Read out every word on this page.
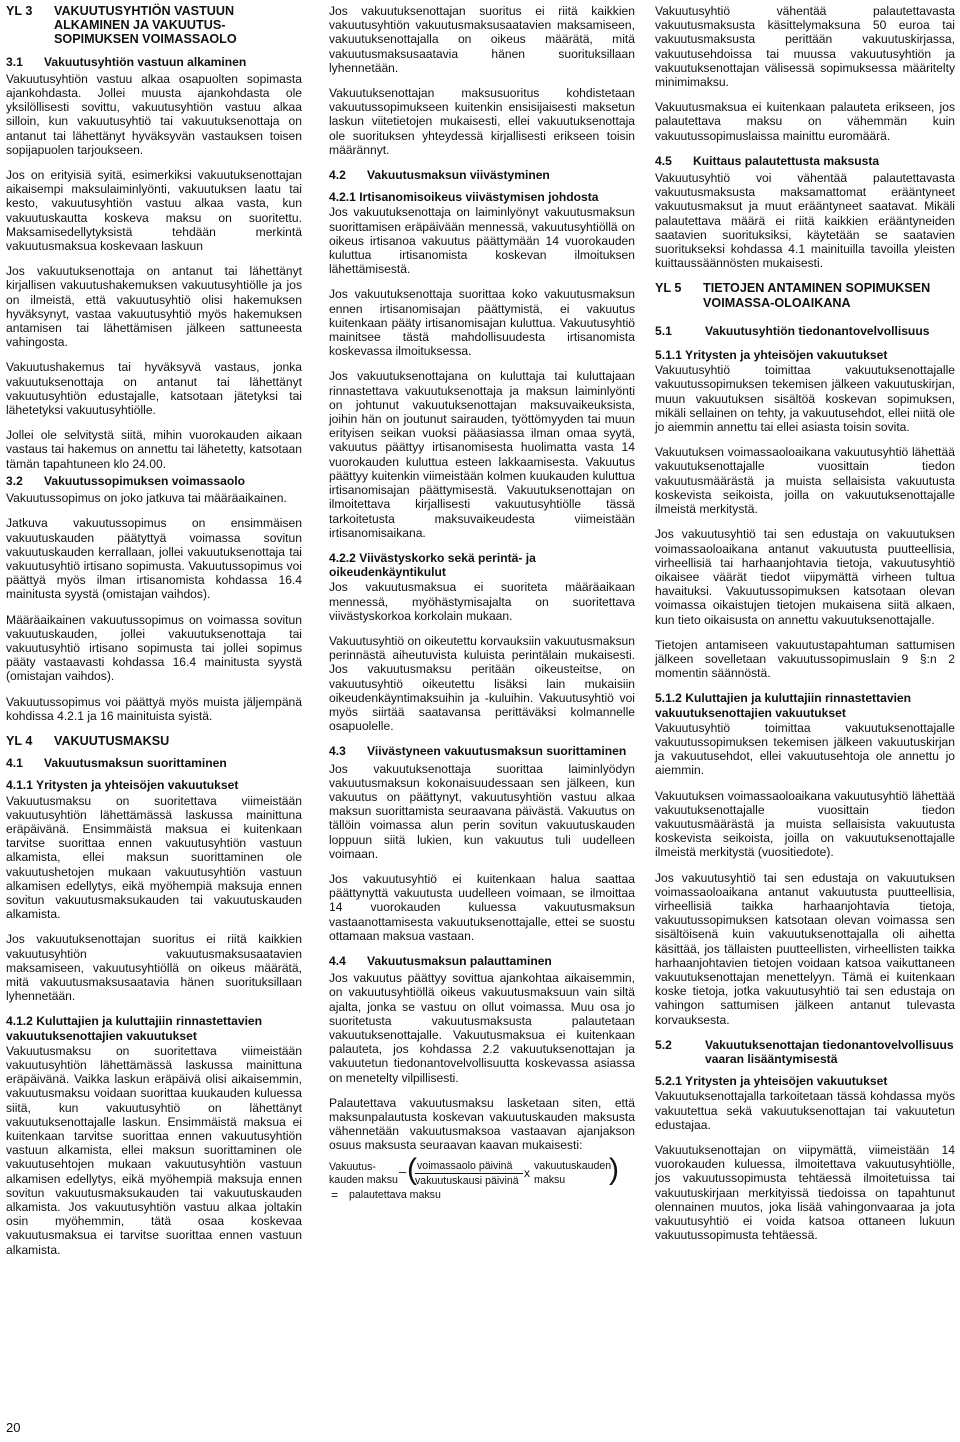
YL 3	VAKUUTUSYHTIÖN VASTUUN ALKAMINEN JA VAKUUTUS-SOPIMUKSEN VOIMASSAOLO
3.1	Vakuutusyhtiön vastuun alkaminen

Vakuutusyhtiön vastuu alkaa osapuolten sopimasta ajankohdasta. Jollei muusta ajankohdasta ole yksilöllisesti sovittu, vakuutusyhtiön vastuu alkaa silloin, kun vakuutusyhtiö tai vakuutuksenottaja on antanut tai lähettänyt hyväksyvän vastauksen toisen sopijapuolen tarjoukseen.

Jos on erityisiä syitä, esimerkiksi vakuutuksenottajan aikaisempi maksulaiminlyönti, vakuutuksen laatu tai kesto, vakuutusyhtiön vastuu alkaa vasta, kun vakuutuskautta koskeva maksu on suoritettu. Maksamisedellytyksistä tehdään merkintä vakuutusmaksua koskevaan laskuun

Jos vakuutuksenottaja on antanut tai lähettänyt kirjallisen vakuutushakemuksen vakuutusyhtiölle ja jos on ilmeistä, että vakuutusyhtiö olisi hakemuksen hyväksynyt, vastaa vakuutusyhtiö myös hakemuksen antamisen tai lähettämisen jälkeen sattuneesta vahingosta.

Vakuutushakemus tai hyväksyvä vastaus, jonka vakuutuksenottaja on antanut tai lähettänyt vakuutusyhtiön edustajalle, katsotaan jätetyksi tai lähetetyksi vakuutusyhtiölle.

Jollei ole selvitystä siitä, mihin vuorokauden aikaan vastaus tai hakemus on annettu tai lähetetty, katsotaan tämän tapahtuneen klo 24.00.

3.2	Vakuutussopimuksen voimassaolo

Vakuutussopimus on joko jatkuva tai määräaikainen.

Jatkuva vakuutussopimus on ensimmäisen vakuutuskauden päätyttyä voimassa sovitun vakuutuskauden kerrallaan, jollei vakuutuksenottaja tai vakuutusyhtiö irtisano sopimusta. Vakuutussopimus voi päättyä myös ilman irtisanomista kohdassa 16.4 mainitusta syystä (omistajan vaihdos).

Määräaikainen vakuutussopimus on voimassa sovitun vakuutuskauden, jollei vakuutuksenottaja tai vakuutusyhtiö irtisano sopimusta tai jollei sopimus pääty vastaavasti kohdassa 16.4 mainitusta syystä (omistajan vaihdos).

Vakuutussopimus voi päättyä myös muista jäljempänä kohdissa 4.2.1 ja 16 mainituista syistä.

YL 4	VAKUUTUSMAKSU
4.1	Vakuutusmaksun suorittaminen
4.1.1 Yritysten ja yhteisöjen vakuutukset

Vakuutusmaksu on suoritettava viimeistään vakuutusyhtiön lähettämässä laskussa mainittuna eräpäivänä. Ensimmäistä maksua ei kuitenkaan tarvitse suorittaa ennen vakuutusyhtiön vastuun alkamista, ellei maksun suorittaminen ole vakuutushetojen mukaan vakuutusyhtiön vastuun alkamisen edellytys, eikä myöhempiä maksuja ennen sovitun vakuutusmaksukauden tai vakuutuskauden alkamista.

Jos vakuutuksenottajan suoritus ei riitä kaikkien vakuutusyhtiön vakuutusmaksusaatavien maksamiseen, vakuutusyhtiöllä on oikeus määrätä, mitä vakuutusmaksusaatavia hänen suorituksillaan lyhennetään.

4.1.2 Kuluttajien ja kuluttajiin rinnastettavien vakuutuksenottajien vakuutukset

Vakuutusmaksu on suoritettava viimeistään vakuutusyhtiön lähettämässä laskussa mainittuna eräpäivänä. Vaikka laskun eräpäivä olisi aikaisemmin, vakuutusmaksu voidaan suorittaa kuukauden kuluessa siitä, kun vakuutusyhtiö on lähettänyt vakuutuksenottajalle laskun. Ensimmäistä maksua ei kuitenkaan tarvitse suorittaa ennen vakuutusyhtiön vastuun alkamista, ellei maksun suorittaminen ole vakuutusehtojen mukaan vakuutusyhtiön vastuun alkamisen edellytys, eikä myöhempiä maksuja ennen sovitun vakuutusmaksukauden tai vakuutuskauden alkamista. Jos vakuutusyhtiön vastuu alkaa joltakin osin myöhemmin, tätä osaa koskevaa vakuutusmaksua ei tarvitse suorittaa ennen vastuun alkamista.

Jos vakuutuksenottajan suoritus ei riitä kaikkien vakuutusyhtiön vakuutusmaksusaatavien maksamiseen, vakuutuksenottajalla on oikeus määrätä, mitä vakuutusmaksusaatavia hänen suorituksillaan lyhennetään.

Vakuutuksenottajan maksusuoritus kohdistetaan vakuutussopimukseen kuitenkin ensisijaisesti maksetun laskun viitetietojen mukaisesti, ellei vakuutuksenottaja ole suorituksen yhteydessä kirjallisesti erikseen toisin määrännyt.

4.2	Vakuutusmaksun viivästyminen
4.2.1 Irtisanomisoikeus viivästymisen johdosta

Jos vakuutuksenottaja on laiminlyönyt vakuutusmaksun suorittamisen eräpäivään mennessä, vakuutusyhtiöllä on oikeus irtisanoa vakuutus päättymään 14 vuorokauden kuluttua irtisanomista koskevan ilmoituksen lähettämisestä.

Jos vakuutuksenottaja suorittaa koko vakuutusmaksun ennen irtisanomisajan päättymistä, ei vakuutus kuitenkaan pääty irtisanomisajan kuluttua. Vakuutusyhtiö mainitsee tästä mahdollisuudesta irtisanomista koskevassa ilmoituksessa.

Jos vakuutuksenottajana on kuluttaja tai kuluttajaan rinnastettava vakuutuksenottaja ja maksun laiminlyönti on johtunut vakuutuksenottajan maksuvaikeuksista, joihin hän on joutunut sairauden, työttömyyden tai muun erityisen seikan vuoksi pääasiassa ilman omaa syytä, vakuutus päättyy irtisanomisesta huolimatta vasta 14 vuorokauden kuluttua esteen lakkaamisesta. Vakuutus päättyy kuitenkin viimeistään kolmen kuukauden kuluttua irtisanomisajan päättymisestä. Vakuutuksenottajan on ilmoitettava kirjallisesti vakuutusyhtiölle tässä tarkoitetusta maksuvaikeudesta viimeistään irtisanomisaikana.

4.2.2 Viivästyskorko sekä perintä- ja oikeudenkäyntikulut

Jos vakuutusmaksua ei suoriteta määräaikaan mennessä, myöhästymisajalta on suoritettava viivästyskorkoa korkolain mukaan.

Vakuutusyhtiö on oikeutettu korvauksiin vakuutusmaksun perinnästä aiheutuvista kuluista perintälain mukaisesti. Jos vakuutusmaksu peritään oikeusteitse, on vakuutusyhtiö oikeutettu lisäksi lain mukaisiin oikeudenkäyntimaksuihin ja -kuluihin. Vakuutusyhtiö voi myös siirtää saatavansa perittäväksi kolmannelle osapuolelle.

4.3	Viivästyneen vakuutusmaksun suorittaminen

Jos vakuutuksenottaja suorittaa laiminlyödyn vakuutusmaksun kokonaisuudessaan sen jälkeen, kun vakuutus on päättynyt, vakuutusyhtiön vastuu alkaa maksun suorittamista seuraavana päivästä. Vakuutus on tällöin voimassa alun perin sovitun vakuutuskauden loppuun siitä lukien, kun vakuutus tuli uudelleen voimaan.

Jos vakuutusyhtiö ei kuitenkaan halua saattaa päättynyttä vakuutusta uudelleen voimaan, se ilmoittaa 14 vuorokauden kuluessa vakuutusmaksun vastaanottamisesta vakuutuksenottajalle, ettei se suostu ottamaan maksua vastaan.

4.4	Vakuutusmaksun palauttaminen

Jos vakuutus päättyy sovittua ajankohtaa aikaisemmin, on vakuutusyhtiöllä oikeus vakuutusmaksuun vain siltä ajalta, jonka se vastuu on ollut voimassa. Muu osa jo suoritetusta vakuutusmaksusta palautetaan vakuutuksenottajalle. Vakuutusmaksua ei kuitenkaan palauteta, jos kohdassa 2.2 vakuutuksenottajan ja vakuutetun tiedonantovelvollisuutta koskevassa asiassa on menetelty vilpillisesti.

Palautettava vakuutusmaksu lasketaan siten, että maksunpalautusta koskevan vakuutuskauden maksusta vähennetään vakuutusmaksoa vastaavan ajanjakson osuus maksusta seuraavan kaavan mukaisesti:

Vakuutus-
kauden maksu
– ( voimassaolo päivinä
vakuutuskausi päivinä
x vakuutuskauden
maksu )
= palautettava maksu

Vakuutusyhtiö vähentää palautettavasta vakuutusmaksusta käsittelymaksuna 50 euroa tai vakuutusmaksusta perittään vakuutuskirjassa, vakuutusehdoissa tai muussa vakuutusyhtiön ja vakuutuksenottajan välisessä sopimuksessa määritelty minimimaksu.

Vakuutusmaksua ei kuitenkaan palauteta erikseen, jos palautettava maksu on vähemmän kuin vakuutussopimuslaissa mainittu euromäärä.

4.5	Kuittaus palautettusta maksusta

Vakuutusyhtiö voi vähentää palautettavasta vakuutusmaksusta maksamattomat erääntyneet vakuutusmaksut ja muut erääntyneet saatavat. Mikäli palautettava määrä ei riitä kaikkien erääntyneiden saatavien suorituksiksi, käytetään se saatavien suoritukseksi kohdassa 4.1 mainituilla tavoilla yleisten kuittaussäännösten mukaisesti.

YL 5	TIETOJEN ANTAMINEN SOPIMUKSEN VOIMASSA-OLOAIKANA
5.1	Vakuutusyhtiön tiedonantovelvollisuus
5.1.1 Yritysten ja yhteisöjen vakuutukset

Vakuutusyhtiö toimittaa vakuutuksenottajalle vakuutussopimuksen tekemisen jälkeen vakuutuskirjan, muun vakuutuksen sisältöä koskevan sopimuksen, mikäli sellainen on tehty, ja vakuutusehdot, ellei niitä ole jo aiemmin annettu tai ellei asiasta toisin sovita.

Vakuutuksen voimassaoloaikana vakuutusyhtiö lähettää vakuutuksenottajalle vuosittain tiedon vakuutusmäärästä ja muista sellaisista vakuutusta koskevista seikoista, joilla on vakuutuksenottajalle ilmeistä merkitystä.

Jos vakuutusyhtiö tai sen edustaja on vakuutuksen voimassaoloaikana antanut vakuutusta puutteellisia, virheellisiä tai harhaanjohtavia tietoja, vakuutusyhtiö oikaisee väärät tiedot viipymättä virheen tultua havaituksi. Vakuutussopimuksen katsotaan olevan voimassa oikaistujen tietojen mukaisena siitä alkaen, kun tieto oikaisusta on annettu vakuutuksenottajalle.

Tietojen antamiseen vakuutustapahtuman sattumisen jälkeen sovelletaan vakuutussopimuslain 9 §:n 2 momentin säännöstä.

5.1.2 Kuluttajien ja kuluttajiin rinnastettavien vakuutuksenottajien vakuutukset

Vakuutusyhtiö toimittaa vakuutuksenottajalle vakuutussopimuksen tekemisen jälkeen vakuutuskirjan ja vakuutusehdot, ellei vakuutusehtoja ole annettu jo aiemmin.

Vakuutuksen voimassaoloaikana vakuutusyhtiö lähettää vakuutuksenottajalle vuosittain tiedon vakuutusmäärästä ja muista sellaisista vakuutusta koskevista seikoista, joilla on vakuutuksenottajalle ilmeistä merkitystä (vuositiedote).

Jos vakuutusyhtiö tai sen edustaja on vakuutuksen voimassaoloaikana antanut vakuutusta puutteellisia, virheellisiä taikka harhaanjohtavia tietoja, vakuutussopimuksen katsotaan olevan voimassa sen sisältöisenä kuin vakuutuksenottajalla oli aihetta käsittää, jos tällaisten puutteellisten, virheellisten taikka harhaanjohtavien tietojen voidaan katsoa vaikuttaneen vakuutuksenottajan menettelyyn. Tämä ei kuitenkaan koske tietoja, jotka vakuutusyhtiö tai sen edustaja on vahingon sattumisen jälkeen antanut tulevasta korvauksesta.

5.2	Vakuutuksenottajan tiedonantovelvollisuus vaaran lisääntymisestä
5.2.1 Yritysten ja yhteisöjen vakuutukset

Vakuutuksenottajalla tarkoitetaan tässä kohdassa myös vakuutettua sekä vakuutuksenottajan tai vakuutetun edustajaa.

Vakuutuksenottajan on viipymättä, viimeistään 14 vuorokauden kuluessa, ilmoitettava vakuutusyhtiölle, jos vakuutussopimusta tehtäessä ilmoitetuissa tai vakuutuskirjaan merkityissä tiedoissa on tapahtunut olennainen muutos, joka lisää vahingonvaaraa ja jota vakuutusyhtiö ei voida katsoa ottaneen lukuun vakuutussopimusta tehtäessä.

20
